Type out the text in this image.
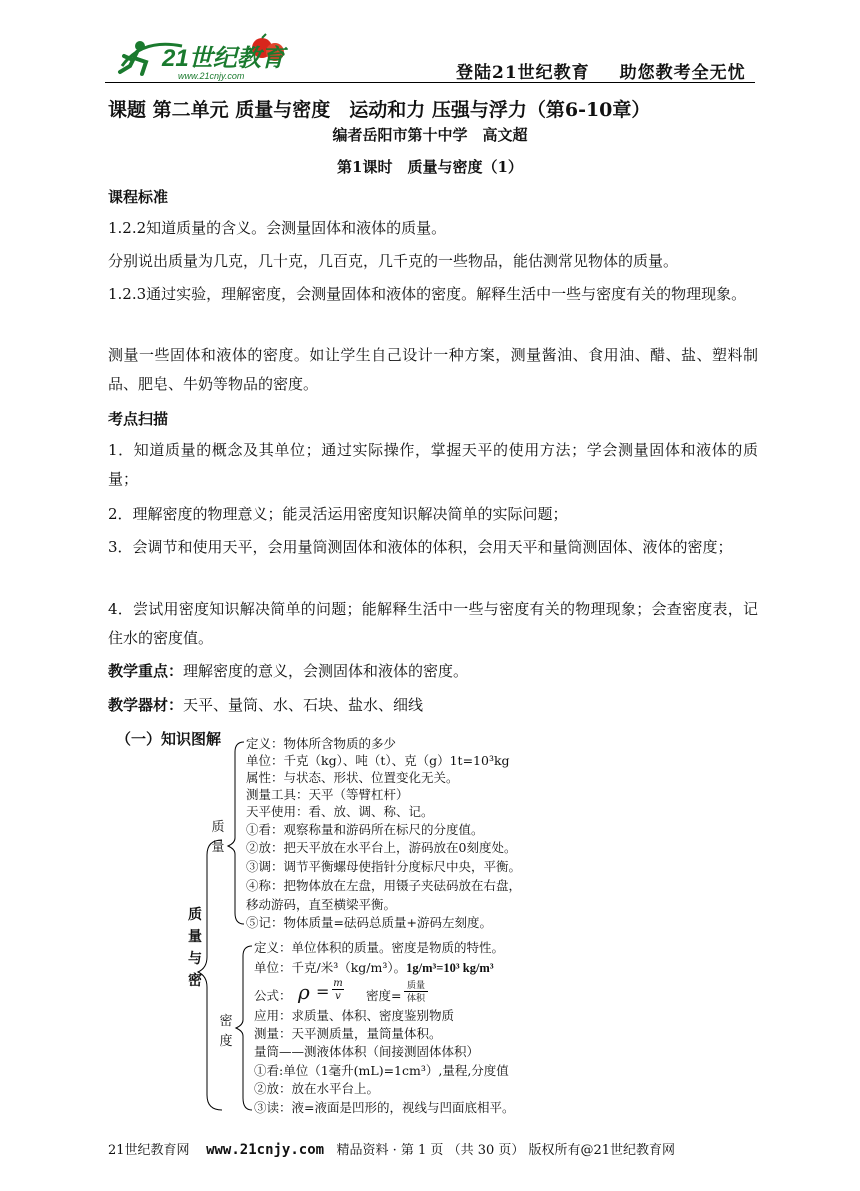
21世纪教育
www.21cnjy.com	登陆21世纪教育 助您教考全无忧
课题 第二单元 质量与密度　运动和力 压强与浮力（第6-10章）
编者岳阳市第十中学　高文超
第1课时　质量与密度（1）
课程标准
1.2.2知道质量的含义。会测量固体和液体的质量。
分别说出质量为几克，几十克，几百克，几千克的一些物品，能估测常见物体的质量。
1.2.3通过实验，理解密度，会测量固体和液体的密度。解释生活中一些与密度有关的物理现象。
测量一些固体和液体的密度。如让学生自己设计一种方案，测量酱油、食用油、醋、盐、塑料制品、肥皂、牛奶等物品的密度。
考点扫描
1．知道质量的概念及其单位；通过实际操作，掌握天平的使用方法；学会测量固体和液体的质量；
2．理解密度的物理意义；能灵活运用密度知识解决简单的实际问题；
3．会调节和使用天平，会用量筒测固体和液体的体积，会用天平和量筒测固体、液体的密度；
4．尝试用密度知识解决简单的问题；能解释生活中一些与密度有关的物理现象；会查密度表，记住水的密度值。
教学重点：理解密度的意义，会测固体和液体的密度。
教学器材：天平、量筒、水、石块、盐水、细线
（一）知识图解
质
量
与
密
质
量
密
度
定义：物体所含物质的多少
单位：千克（kg）、吨（t）、克（g）1t=10³kg
属性：与状态、形状、位置变化无关。
测量工具：天平（等臂杠杆）
天平使用：看、放、调、称、记。
①看：观察称量和游码所在标尺的分度值。
②放：把天平放在水平台上，游码放在0刻度处。
③调：调节平衡螺母使指针分度标尺中央，平衡。
④称：把物体放在左盘，用镊子夹砝码放在右盘，
移动游码，直至横梁平衡。
⑤记：物体质量=砝码总质量+游码左刻度。
定义：单位体积的质量。密度是物质的特性。
单位：千克/米³（kg/m³）。1g/m³=10³ kg/m³
公式： ρ = m
v 密度=
质量
体积
应用：求质量、体积、密度鉴别物质
测量：天平测质量，量筒量体积。
量筒——测液体体积（间接测固体体积）
①看:单位（1毫升(mL)=1cm³）,量程,分度值
②放：放在水平台上。
③读：液=液面是凹形的，视线与凹面底相平。
21世纪教育网 www.21cnjy.com 精品资料 · 第 1 页 （共 30 页） 版权所有@21世纪教育网
